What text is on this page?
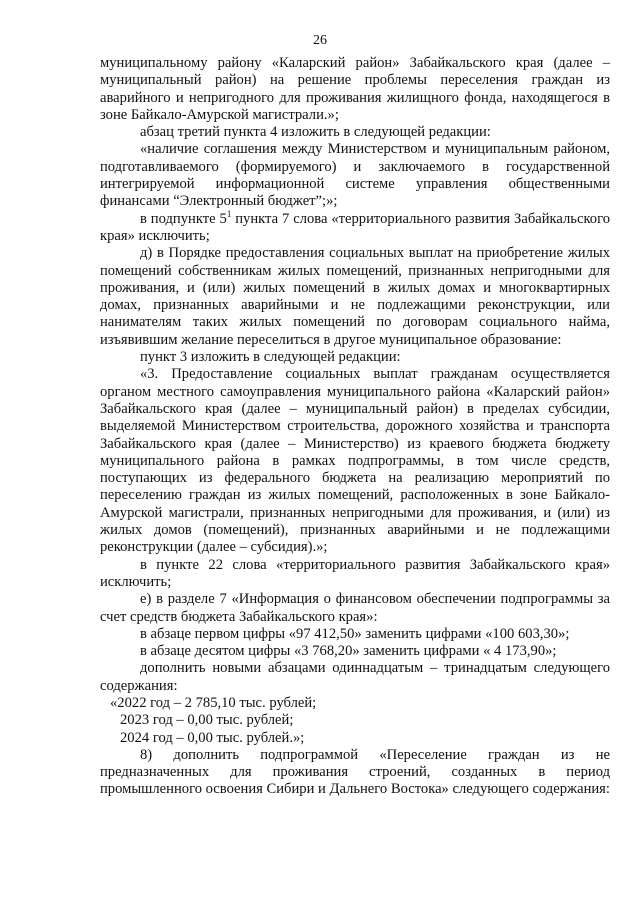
26

муниципальному району «Каларский район» Забайкальского края (далее – муниципальный район) на решение проблемы переселения граждан из аварийного и непригодного для проживания жилищного фонда, находящегося в зоне Байкало-Амурской магистрали.»;

абзац третий пункта 4 изложить в следующей редакции:

«наличие соглашения между Министерством и муниципальным районом, подготавливаемого (формируемого) и заключаемого в государственной интегрируемой информационной системе управления общественными финансами “Электронный бюджет”;»;

в подпункте $5^1$ пункта 7 слова «территориального развития Забайкальского края» исключить;

д) в Порядке предоставления социальных выплат на приобретение жилых помещений собственникам жилых помещений, признанных непригодными для проживания, и (или) жилых помещений в жилых домах и многоквартирных домах, признанных аварийными и не подлежащими реконструкции, или нанимателям таких жилых помещений по договорам социального найма, изъявившим желание переселиться в другое муниципальное образование:

пункт 3 изложить в следующей редакции:

«3. Предоставление социальных выплат гражданам осуществляется органом местного самоуправления муниципального района «Каларский район» Забайкальского края (далее – муниципальный район) в пределах субсидии, выделяемой Министерством строительства, дорожного хозяйства и транспорта Забайкальского края (далее – Министерство) из краевого бюджета бюджету муниципального района в рамках подпрограммы, в том числе средств, поступающих из федерального бюджета на реализацию мероприятий по переселению граждан из жилых помещений, расположенных в зоне Байкало-Амурской магистрали, признанных непригодными для проживания, и (или) из жилых домов (помещений), признанных аварийными и не подлежащими реконструкции (далее – субсидия).»;

в пункте 22 слова «территориального развития Забайкальского края» исключить;

е) в разделе 7 «Информация о финансовом обеспечении подпрограммы за счет средств бюджета Забайкальского края»:

в абзаце первом цифры «97 412,50» заменить цифрами «100 603,30»;

в абзаце десятом цифры «3 768,20» заменить цифрами « 4 173,90»;

дополнить новыми абзацами одиннадцатым – тринадцатым следующего содержания:

«2022 год – 2 785,10 тыс. рублей;

2023 год – 0,00 тыс. рублей;

2024 год – 0,00 тыс. рублей.»;

8) дополнить подпрограммой «Переселение граждан из не предназначенных для проживания строений, созданных в период промышленного освоения Сибири и Дальнего Востока» следующего содержания:
